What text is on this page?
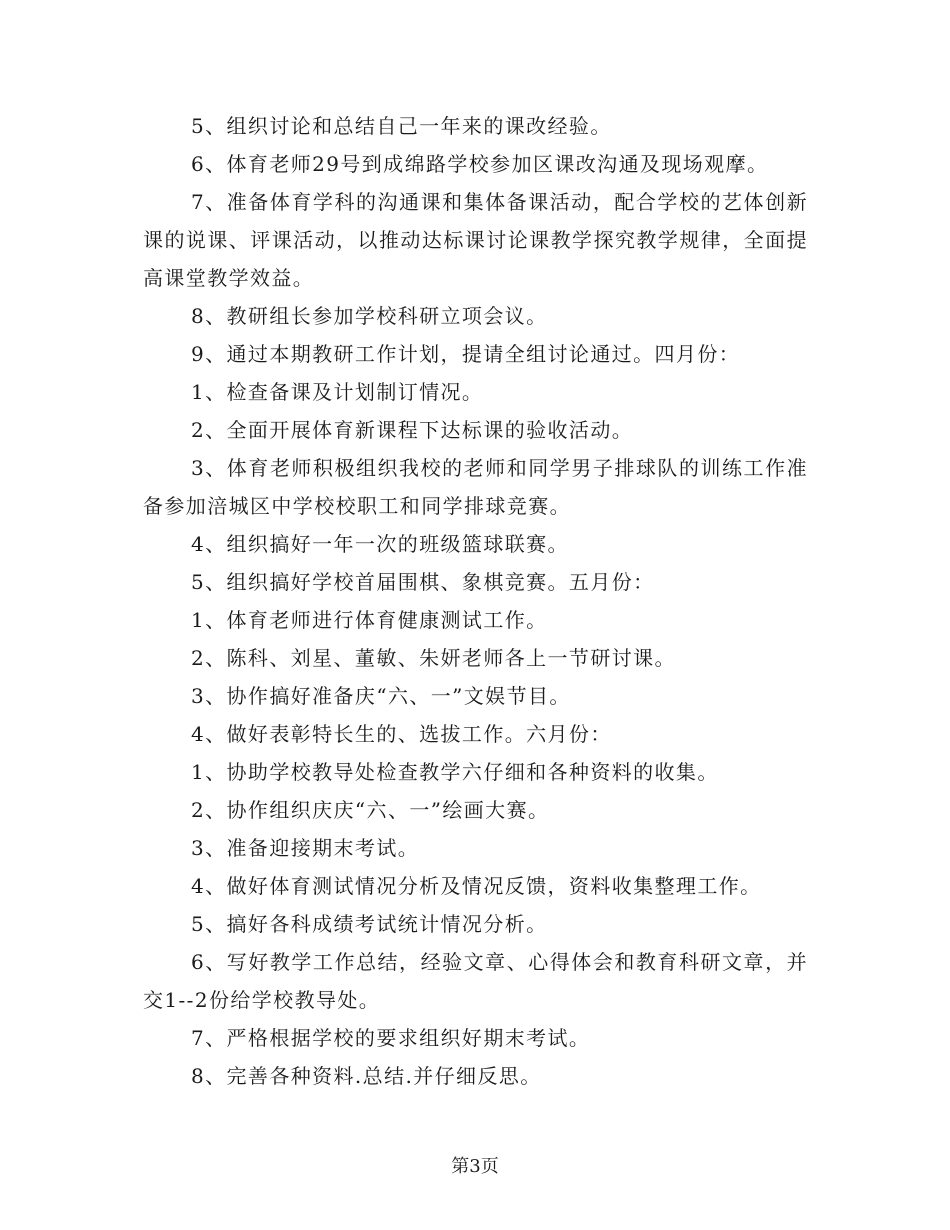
5、组织讨论和总结自己一年来的课改经验。

6、体育老师29号到成绵路学校参加区课改沟通及现场观摩。

7、准备体育学科的沟通课和集体备课活动，配合学校的艺体创新课的说课、评课活动，以推动达标课讨论课教学探究教学规律，全面提高课堂教学效益。

8、教研组长参加学校科研立项会议。

9、通过本期教研工作计划，提请全组讨论通过。四月份：

1、检查备课及计划制订情况。

2、全面开展体育新课程下达标课的验收活动。

3、体育老师积极组织我校的老师和同学男子排球队的训练工作准备参加涪城区中学校校职工和同学排球竞赛。

4、组织搞好一年一次的班级篮球联赛。

5、组织搞好学校首届围棋、象棋竞赛。五月份：

1、体育老师进行体育健康测试工作。

2、陈科、刘星、董敏、朱妍老师各上一节研讨课。

3、协作搞好准备庆“六、一”文娱节目。

4、做好表彰特长生的、选拔工作。六月份：

1、协助学校教导处检查教学六仔细和各种资料的收集。

2、协作组织庆庆“六、一”绘画大赛。

3、准备迎接期末考试。

4、做好体育测试情况分析及情况反馈，资料收集整理工作。

5、搞好各科成绩考试统计情况分析。

6、写好教学工作总结，经验文章、心得体会和教育科研文章，并交1--2份给学校教导处。

7、严格根据学校的要求组织好期末考试。

8、完善各种资料.总结.并仔细反思。

第3页
